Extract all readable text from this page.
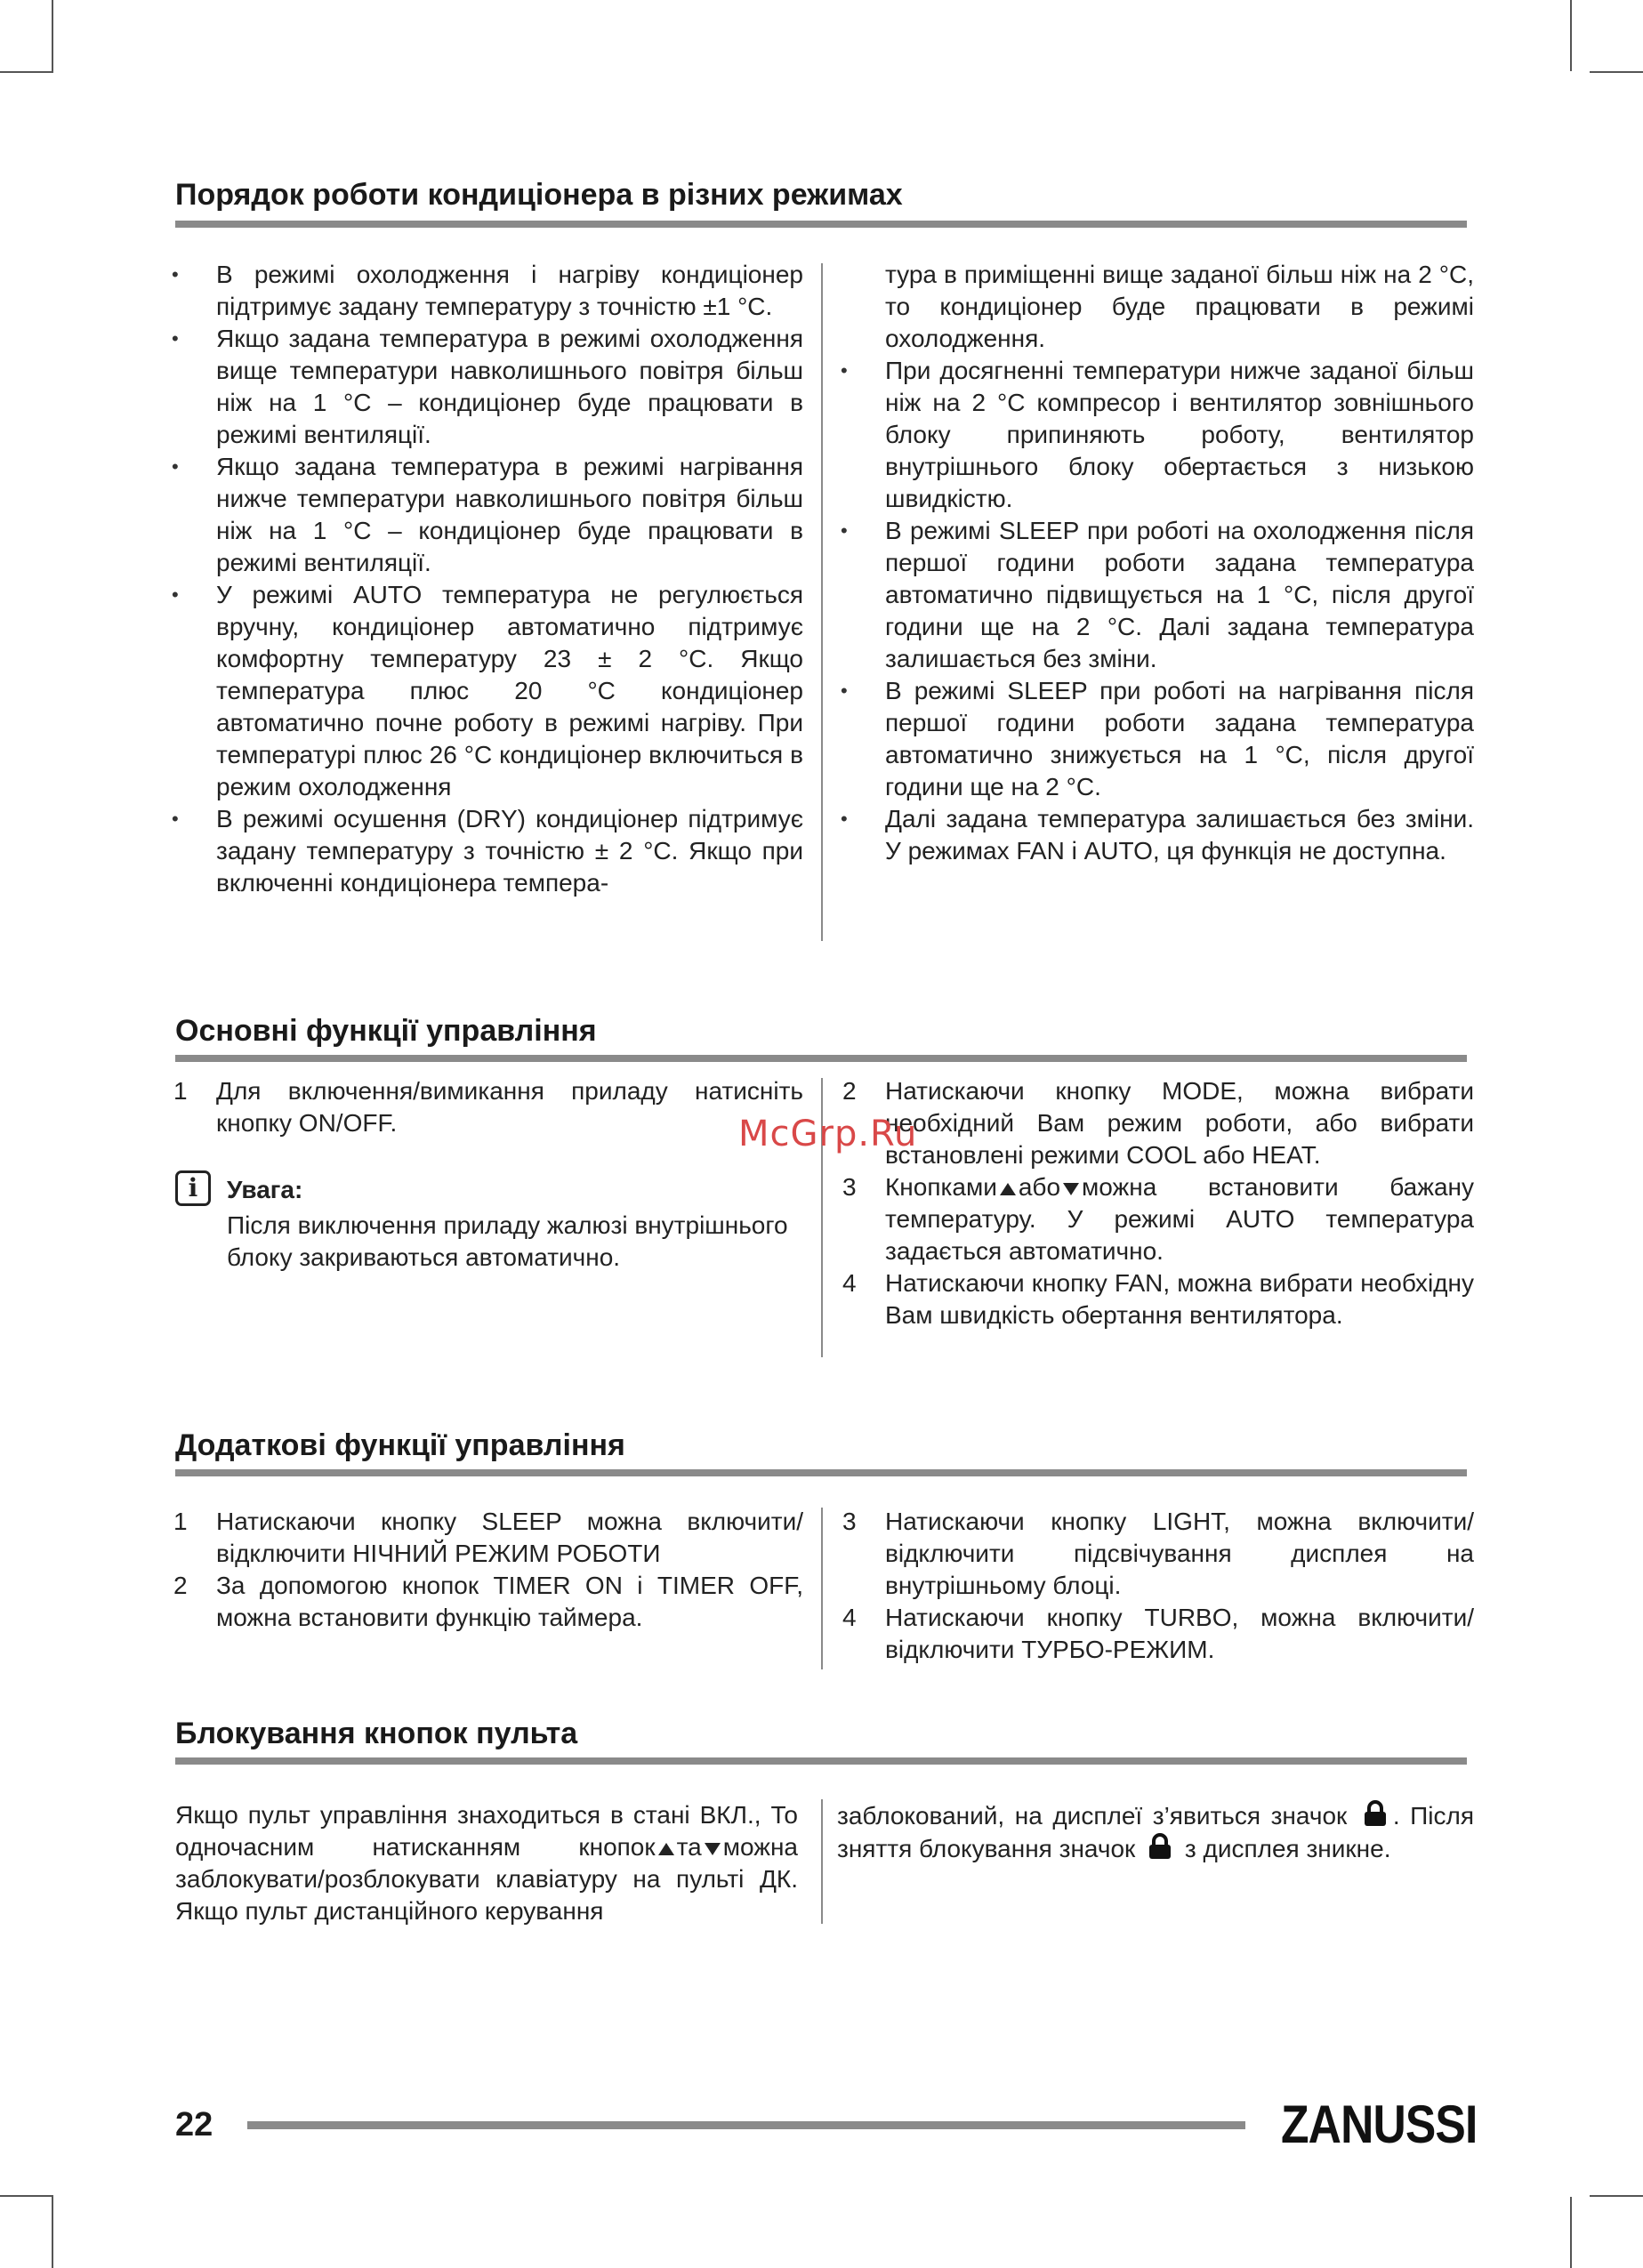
Порядок роботи кондиціонера в різних режимах
• В режимі охолодження і нагріву кондиціонер підтримує задану температуру з точністю ±1 °С.
• Якщо задана температура в режимі охолодження вище температури навколишнього повітря більш ніж на 1 °С – кондиціонер буде працювати в режимі вентиляції.
• Якщо задана температура в режимі нагрівання нижче температури навколишнього повітря більш ніж на 1 °С – кондиціонер буде працювати в режимі вентиляції.
• У режимі AUTO температура не регулюється вручну, кондиціонер автоматично підтримує комфортну температуру 23 ± 2 °С. Якщо температура плюс 20 °С кондиціонер автоматично почне роботу в режимі нагріву. При температурі плюс 26 °С кондиціонер включиться в режим охолодження
• В режимі осушення (DRY) кондиціонер підтримує задану температуру з точністю ± 2 °С. Якщо при включенні кондиціонера темпера-
тура в приміщенні вище заданої більш ніж на 2 °С, то кондиціонер буде працювати в режимі охолодження.
• При досягненні температури нижче заданої більш ніж на 2 °С компресор і вентилятор зовнішнього блоку припиняють роботу, вентилятор внутрішнього блоку обертається з низькою швидкістю.
• В режимі SLEEP при роботі на охолодження після першої години роботи задана температура автоматично підвищується на 1 °С, після другої години ще на 2 °С. Далі задана температура залишається без зміни.
• В режимі SLEEP при роботі на нагрівання після першої години роботи задана температура автоматично знижується на 1 °С, після другої години ще на 2 °С.
• Далі задана температура залишається без зміни. У режимах FAN і AUTO, ця функція не доступна.
Основні функції управління
1 Для включення/вимикання приладу натисніть кнопку ON/OFF.
i	Увага:
Після виключення приладу жалюзі внутрішнього блоку закриваються автоматично.
2 Натискаючи кнопку MODE, можна вибрати необхідний Вам режим роботи, або вибрати встановлені режими COOL або HEAT.
3 Кнопками або можна встановити бажану температуру. У режимі AUTO температура задається автоматично.
4 Натискаючи кнопку FAN, можна вибрати необхідну Вам швидкість обертання вентилятора.
Додаткові функції управління
1 Натискаючи кнопку SLEEP можна включити/відключити НІЧНИЙ РЕЖИМ РОБОТИ
2 За допомогою кнопок TIMER ON і TIMER OFF, можна встановити функцію таймера.
3 Натискаючи кнопку LIGHT, можна включити/відключити підсвічування дисплея на внутрішньому блоці.
4 Натискаючи кнопку TURBO, можна включити/відключити ТУРБО-РЕЖИМ.
Блокування кнопок пульта
Якщо пульт управління знаходиться в стані ВКЛ., То одночасним натисканням кнопок та можна заблокувати/розблокувати клавіатуру на пульті ДК. Якщо пульт дистанційного керування
заблокований, на дисплеї з’явиться значок . Після зняття блокування значок з дисплея зникне.
McGrp.Ru
22	ZANUSSI
